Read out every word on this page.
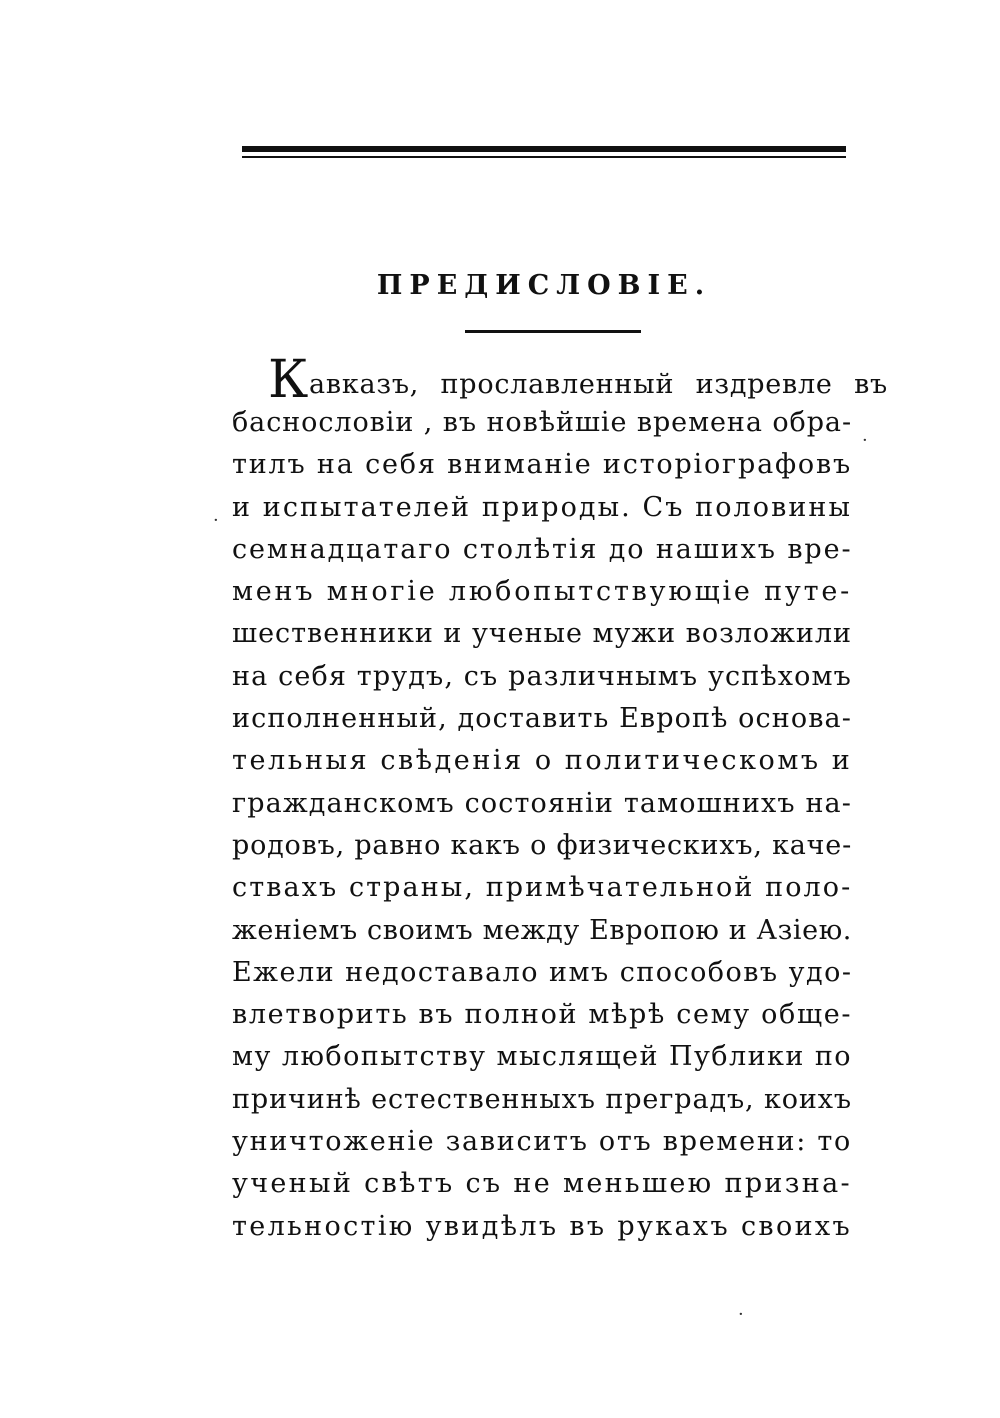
ПРЕДИСЛОВІЕ.
Кавказъ, прославленный издревле въ
баснословіи , въ новѣйшіе времена обра-
тилъ на себя вниманіе исторіографовъ
и испытателей природы. Съ половины
семнадцатаго столѣтія до нашихъ вре-
менъ многіе любопытствующіе путе-
шественники и ученые мужи возложили
на себя трудъ, съ различнымъ успѣхомъ
исполненный, доставить Европѣ основа-
тельныя свѣденія о политическомъ и
гражданскомъ состояніи тамошнихъ на-
родовъ, равно какъ о физическихъ, каче-
ствахъ страны, примѣчательной поло-
женіемъ своимъ между Европою и Азіею.
Ежели недоставало имъ способовъ удо-
влетворить въ полной мѣрѣ сему обще-
му любопытству мыслящей Публики по
причинѣ естественныхъ преградъ, коихъ
уничтоженіе зависитъ отъ времени: то
ученый свѣтъ съ не меньшею призна-
тельностію увидѣлъ въ рукахъ своихъ
·
·
·
